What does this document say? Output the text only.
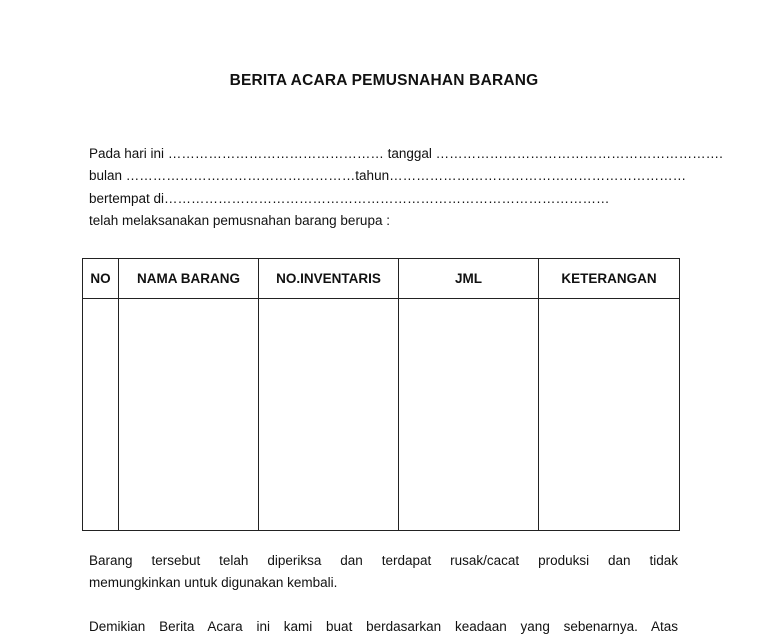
BERITA ACARA PEMUSNAHAN BARANG
Pada hari ini ………………………………………… tanggal ……………………………………………………….
bulan ……………………………………………tahun…………………………………………………………
bertempat di………………………………………………………………………………………
telah melaksanakan pemusnahan barang berupa :
NO	NAMA BARANG	NO.INVENTARIS	JML	KETERANGAN

Barang tersebut telah diperiksa dan terdapat rusak/cacat produksi dan tidak
memungkinkan untuk digunakan kembali.
Demikian Berita Acara ini kami buat berdasarkan keadaan yang sebenarnya. Atas
